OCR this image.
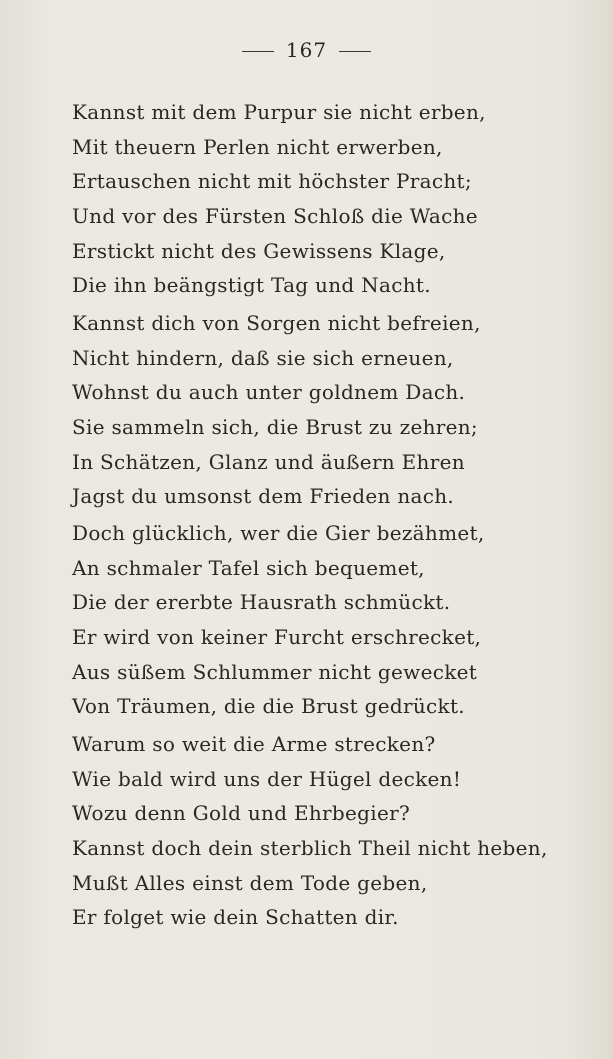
167
Kannst mit dem Purpur sie nicht erben,
Mit theuern Perlen nicht erwerben,
Ertauschen nicht mit höchster Pracht;
Und vor des Fürsten Schloß die Wache
Erstickt nicht des Gewissens Klage,
Die ihn beängstigt Tag und Nacht.
Kannst dich von Sorgen nicht befreien,
Nicht hindern, daß sie sich erneuen,
Wohnst du auch unter goldnem Dach.
Sie sammeln sich, die Brust zu zehren;
In Schätzen, Glanz und äußern Ehren
Jagst du umsonst dem Frieden nach.
Doch glücklich, wer die Gier bezähmet,
An schmaler Tafel sich bequemet,
Die der ererbte Hausrath schmückt.
Er wird von keiner Furcht erschrecket,
Aus süßem Schlummer nicht gewecket
Von Träumen, die die Brust gedrückt.
Warum so weit die Arme strecken?
Wie bald wird uns der Hügel decken!
Wozu denn Gold und Ehrbegier?
Kannst doch dein sterblich Theil nicht heben,
Mußt Alles einst dem Tode geben,
Er folget wie dein Schatten dir.
